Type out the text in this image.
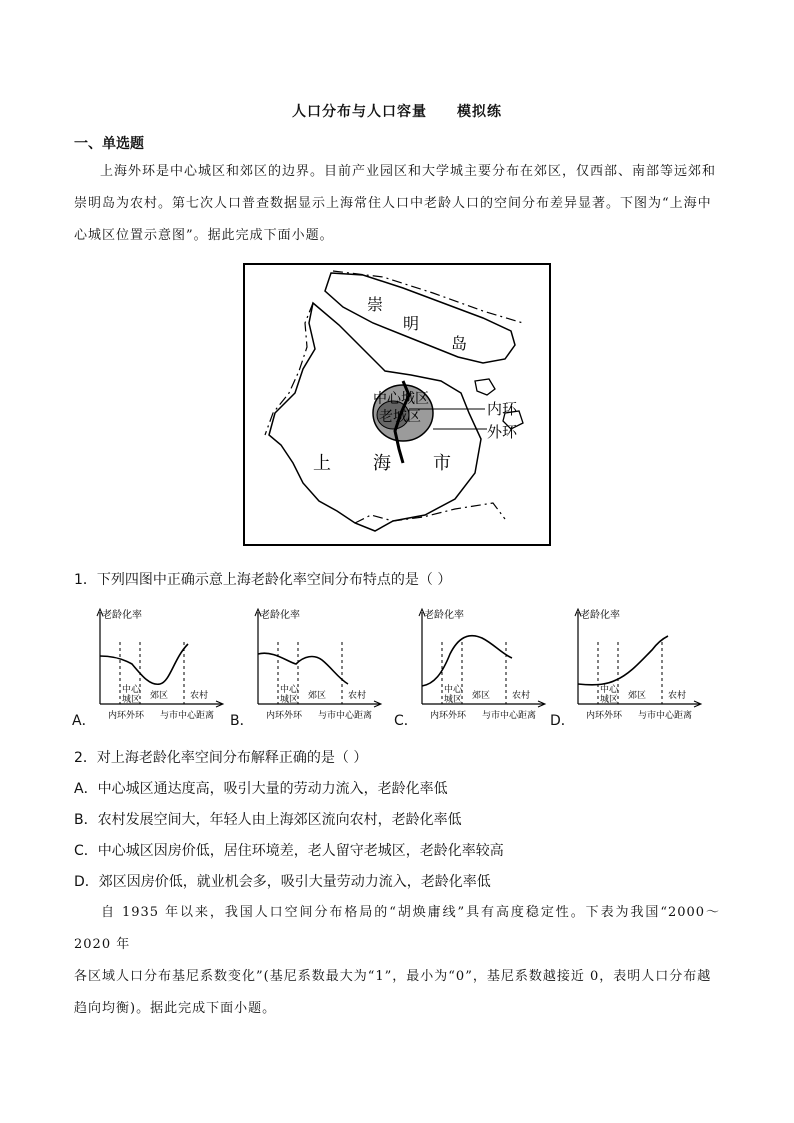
人口分布与人口容量 模拟练
一、单选题
上海外环是中心城区和郊区的边界。目前产业园区和大学城主要分布在郊区，仅西部、南部等远郊和
崇明岛为农村。第七次人口普查数据显示上海常住人口中老龄人口的空间分布差异显著。下图为“上海中
心城区位置示意图”。据此完成下面小题。
崇
明
岛
中心城区
老城区	内环
外环
上 海 市
1．下列四图中正确示意上海老龄化率空间分布特点的是（ ）
A．
老龄化率
中心
城区 郊区 农村
内环外环 与市中心距离 B．
老龄化率
中心
城区 郊区 农村
内环外环 与市中心距离 C．
老龄化率
中心
城区 郊区 农村
内环外环 与市中心距离 D．
老龄化率
中心
城区 郊区 农村
内环外环 与市中心距离
2．对上海老龄化率空间分布解释正确的是（ ）
A．中心城区通达度高，吸引大量的劳动力流入，老龄化率低
B．农村发展空间大，年轻人由上海郊区流向农村，老龄化率低
C．中心城区因房价低，居住环境差，老人留守老城区，老龄化率较高
D．郊区因房价低，就业机会多，吸引大量劳动力流入，老龄化率低
自 1935 年以来，我国人口空间分布格局的“胡焕庸线”具有高度稳定性。下表为我国“2000～2020 年
各区域人口分布基尼系数变化”(基尼系数最大为“1”，最小为“0”，基尼系数越接近 0，表明人口分布越
趋向均衡)。据此完成下面小题。
